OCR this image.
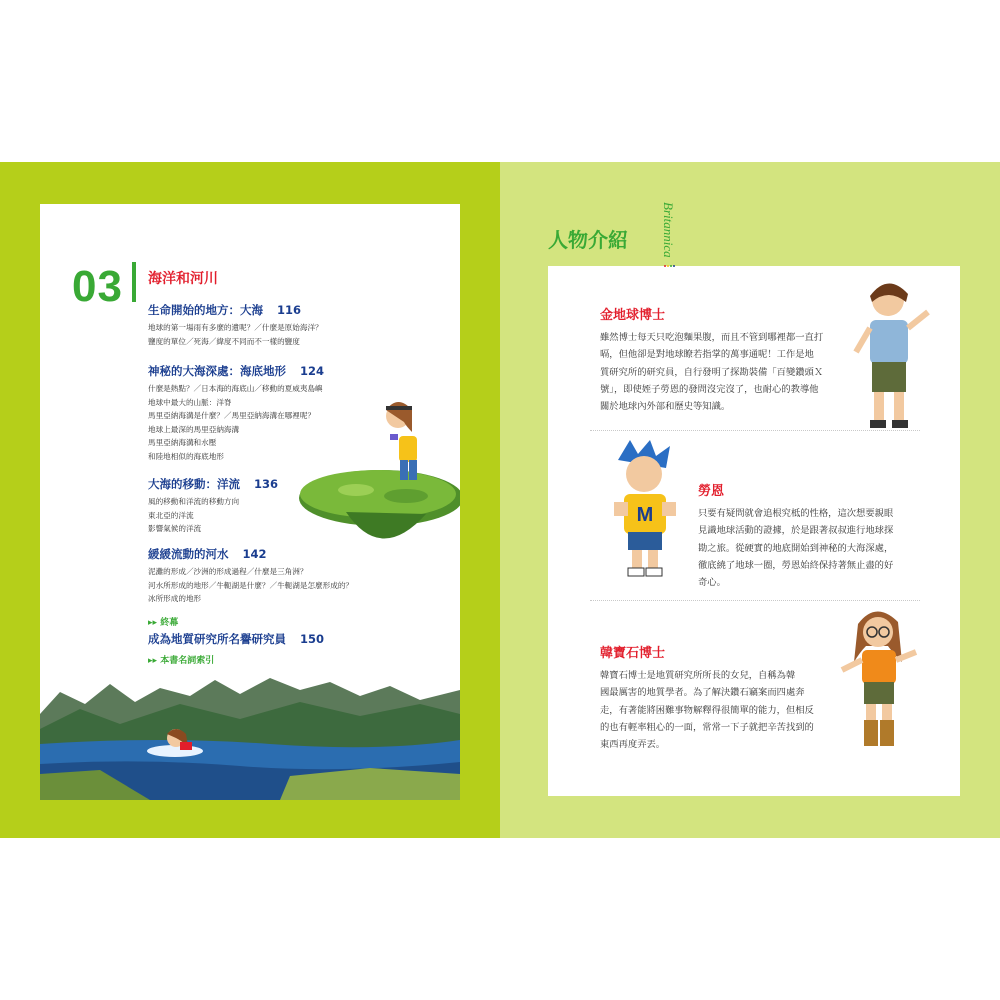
03 海洋和河川
生命開始的地方：大海 116
地球的第一場雨有多麼的遺呢？／什麼是原始海洋？
鹽度的單位／死海／緯度不同而不一樣的鹽度
神秘的大海深處：海底地形 124
什麼是熱點？／日本海的海底山／移動的夏威夷島嶼
地球中最大的山脈：洋脊
馬里亞納海溝是什麼？／馬里亞納海溝在哪裡呢？
地球上最深的馬里亞納海溝
馬里亞納海溝和水壓
和陸地相似的海底地形
大海的移動：洋流 136
風的移動和洋流的移動方向
東北亞的洋流
影響氣候的洋流
緩緩流動的河水 142
泥灘的形成／沙洲的形成過程／什麼是三角洲？
河水所形成的地形／牛軛湖是什麼？／牛軛湖是怎麼形成的？
冰所形成的地形
▸▸ 終幕
成為地質研究所名譽研究員 150
▸▸ 本書名詞索引
人物介紹	Britannica
金地球博士
雖然博士每天只吃泡麵果腹，而且不管到哪裡都一直打
嗝，但他卻是對地球瞭若指掌的萬事通呢！工作是地
質研究所的研究員，自行發明了探勘裝備「百變鑽頭Ｘ
號」，即使姪子勞恩的發問沒完沒了，也耐心的教導他
關於地球內外部和歷史等知識。
M
勞恩
只要有疑問就會追根究柢的性格，這次想要親眼
見識地球活動的證據，於是跟著叔叔進行地球探
勘之旅。從硬實的地底開始到神秘的大海深處，
徹底繞了地球一圈，勞恩始終保持著無止盡的好
奇心。
韓寶石博士
韓寶石博士是地質研究所所長的女兒，自稱為韓
國最厲害的地質學者。為了解決鑽石竊案而四處奔
走，有著能將困難事物解釋得很簡單的能力，但相反
的也有輕率粗心的一面，常常一下子就把辛苦找到的
東西再度弄丟。
